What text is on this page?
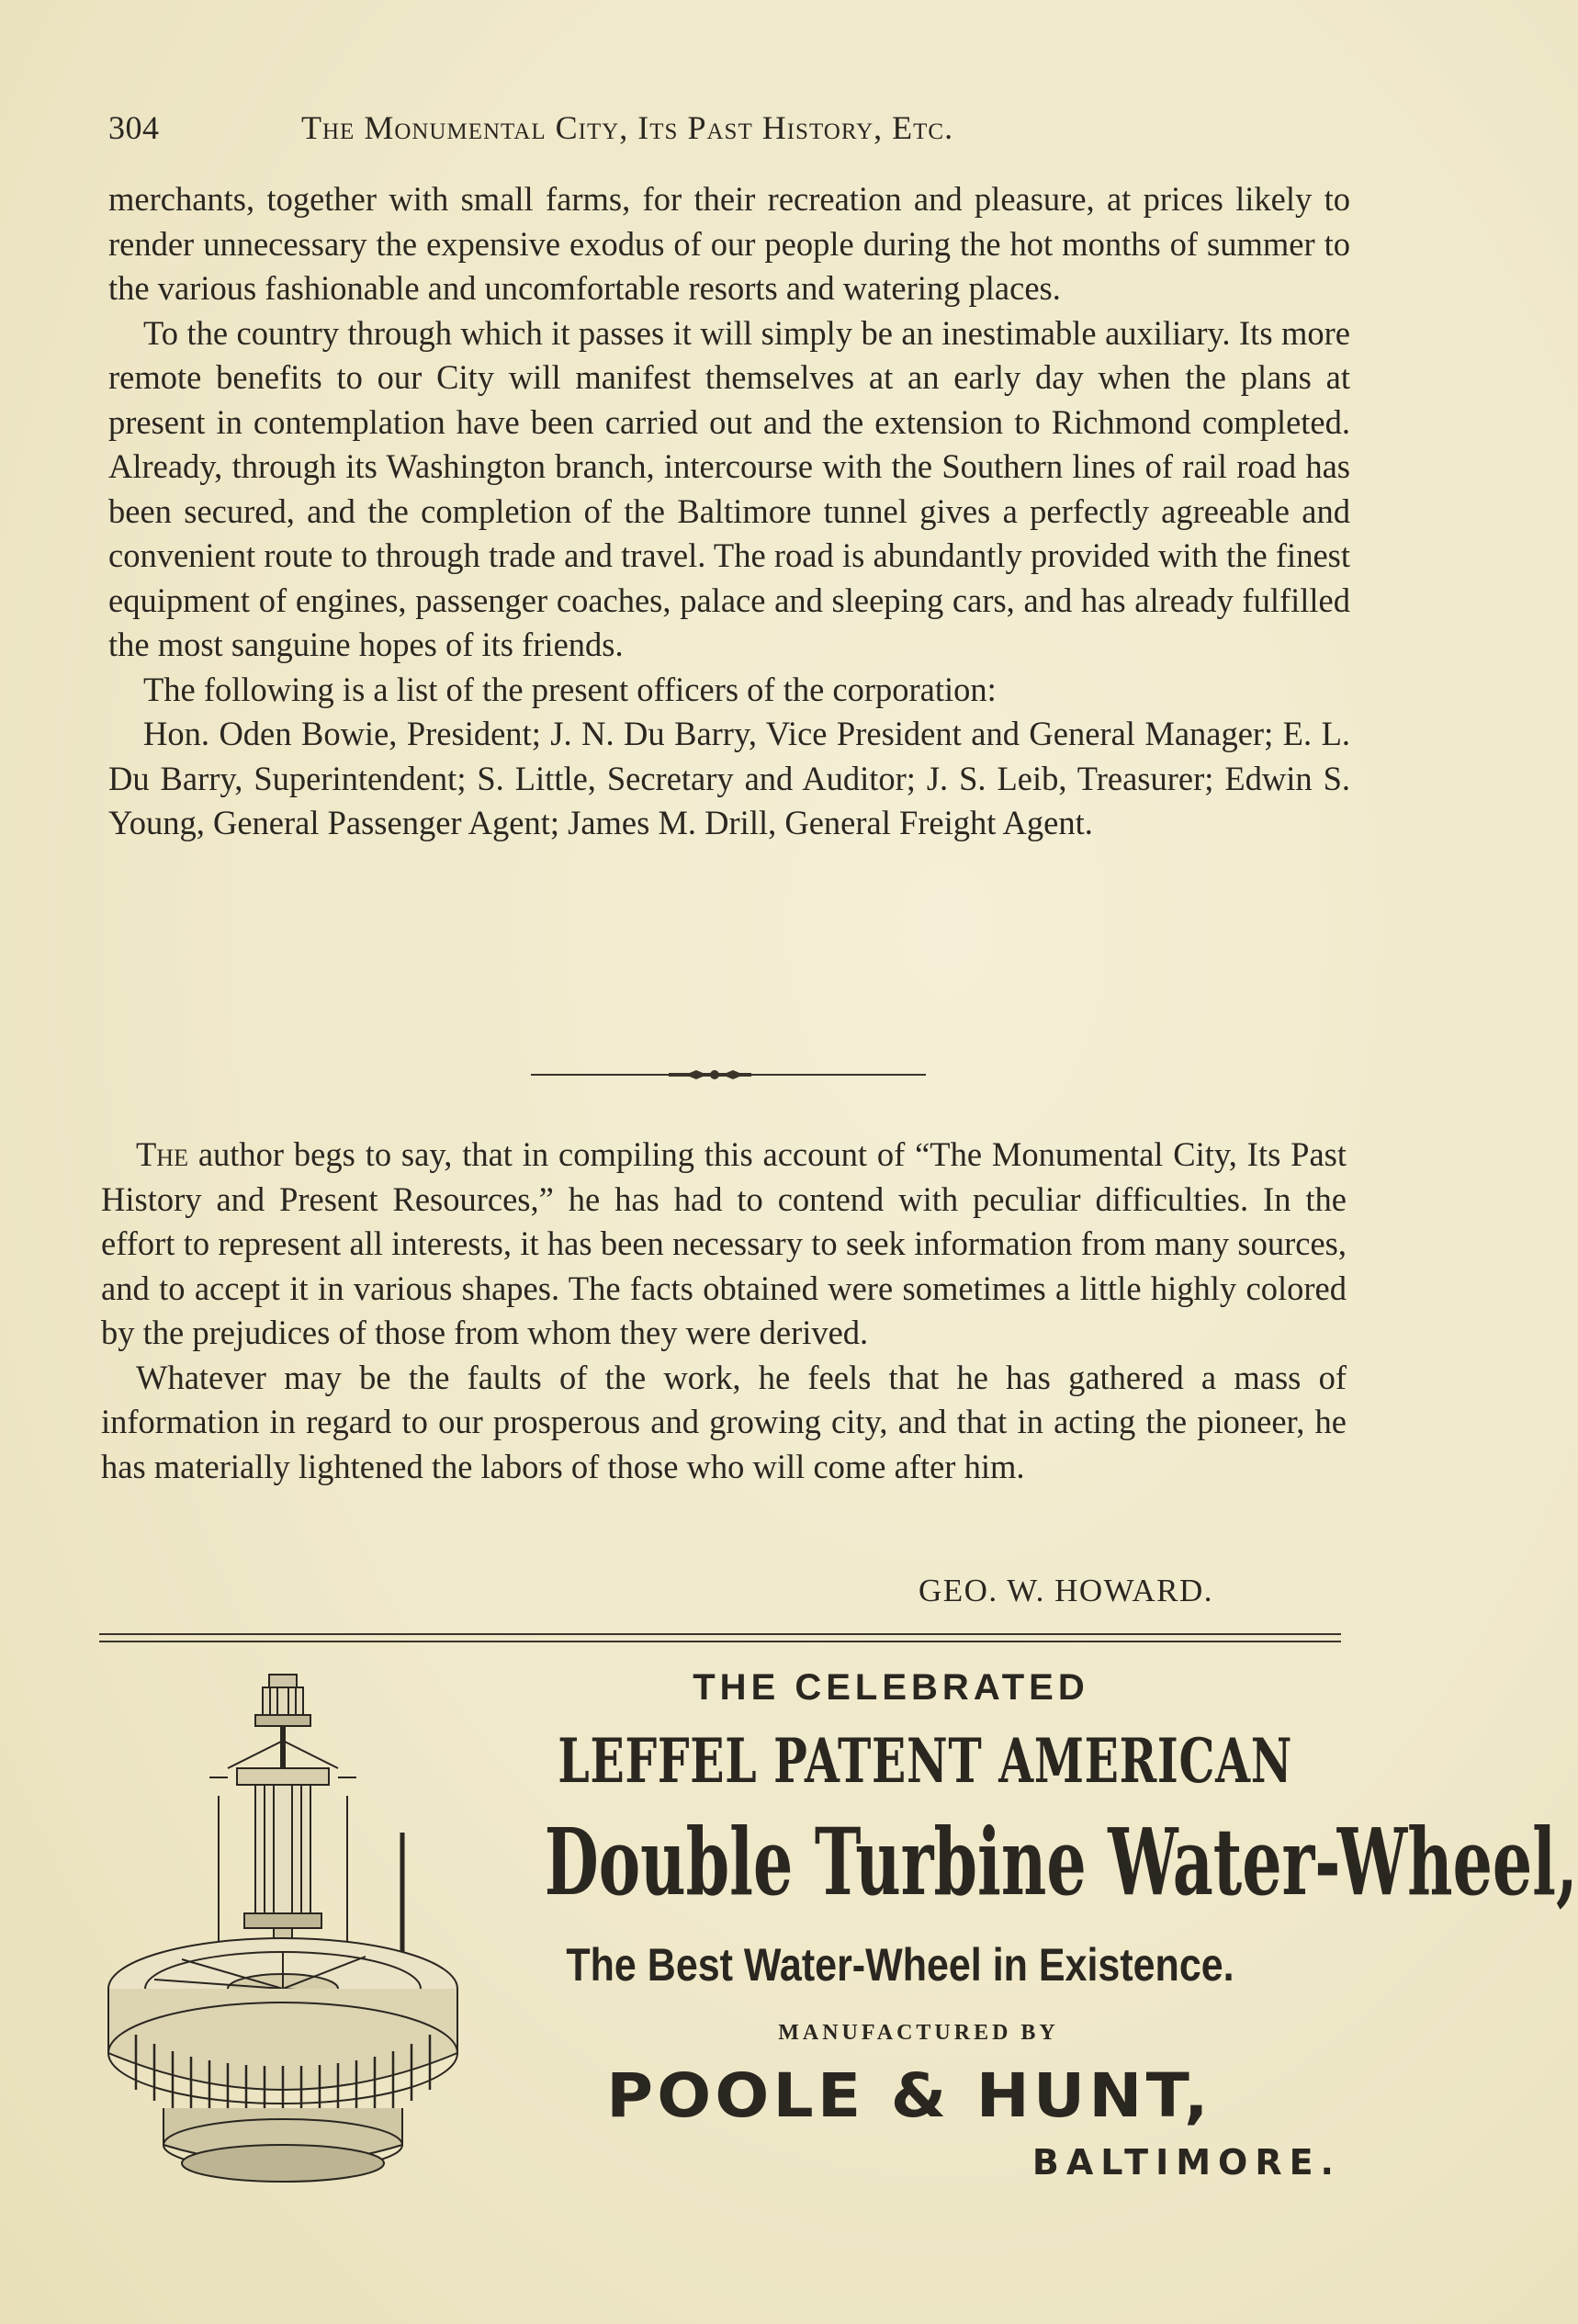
304	The Monumental City, Its Past History, Etc.

merchants, together with small farms, for their recreation and pleasure, at prices likely to render unnecessary the expensive exodus of our people during the hot months of summer to the various fashionable and uncomfortable resorts and watering places.

To the country through which it passes it will simply be an inestimable auxiliary. Its more remote benefits to our City will manifest themselves at an early day when the plans at present in contemplation have been carried out and the extension to Richmond completed. Already, through its Washington branch, intercourse with the Southern lines of rail road has been secured, and the completion of the Baltimore tunnel gives a perfectly agreeable and convenient route to through trade and travel. The road is abundantly provided with the finest equipment of engines, passenger coaches, palace and sleeping cars, and has already fulfilled the most sanguine hopes of its friends.

The following is a list of the present officers of the corporation:

Hon. Oden Bowie, President; J. N. Du Barry, Vice President and General Manager; E. L. Du Barry, Superintendent; S. Little, Secretary and Auditor; J. S. Leib, Treasurer; Edwin S. Young, General Passenger Agent; James M. Drill, General Freight Agent.

The author begs to say, that in compiling this account of “The Monumental City, Its Past History and Present Resources,” he has had to contend with peculiar difficulties. In the effort to represent all interests, it has been necessary to seek information from many sources, and to accept it in various shapes. The facts obtained were sometimes a little highly colored by the prejudices of those from whom they were derived.

Whatever may be the faults of the work, he feels that he has gathered a mass of information in regard to our prosperous and growing city, and that in acting the pioneer, he has materially lightened the labors of those who will come after him.

GEO. W. HOWARD.
THE CELEBRATED
LEFFEL PATENT AMERICAN
Double Turbine Water-Wheel,
The Best Water-Wheel in Existence.
MANUFACTURED BY
POOLE & HUNT,
BALTIMORE.
